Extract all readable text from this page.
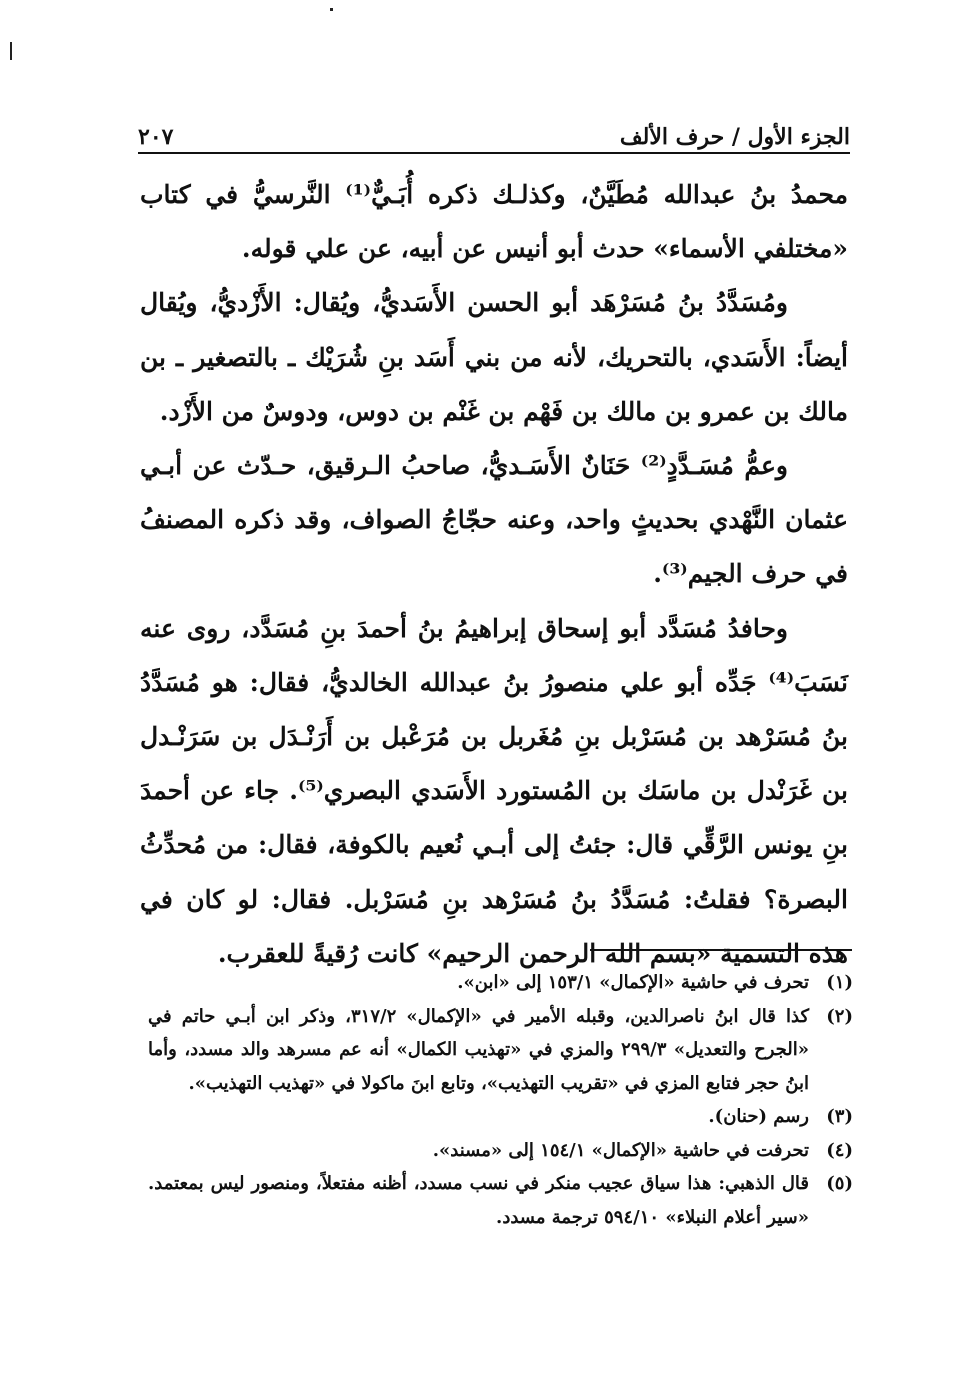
الجزء الأول / حرف الألف
٢٠٧

محمدُ بنُ عبدالله مُطَيَّنٌ، وكذلـك ذكره أُبَـيٌّ⁽¹⁾ النَّرسيُّ في كتاب «مختلفي الأسماء» حدث أبو أنيس عن أبيه، عن علي قوله.

ومُسَدَّدُ بنُ مُسَرْهَد أبو الحسن الأَسَديُّ، ويُقال: الأَزْديُّ، ويُقال أيضاً: الأَسَدي، بالتحريك، لأنه من بني أَسَد بنِ شُرَيْك ـ بالتصغير ـ بن مالك بن عمرو بن مالك بن فَهْم بن غَنْم بن دوس، ودوسٌ من الأَزْد.

وعمُّ مُسَـدَّدٍ⁽²⁾ حَنَانٌ الأَسَـديُّ، صاحبُ الـرقيق، حـدّث عن أبـي عثمان النَّهْدي بحديثٍ واحد، وعنه حجّاجُ الصواف، وقد ذكره المصنفُ في حرف الجيم⁽³⁾.

وحافدُ مُسَدَّد أبو إسحاق إبراهيمُ بنُ أحمدَ بنِ مُسَدَّد، روى عنه نَسَبَ⁽⁴⁾ جَدِّه أبو علي منصورُ بنُ عبدالله الخالديُّ، فقال: هو مُسَدَّدُ بنُ مُسَرْهد بن مُسَرْبل بنِ مُغَربل بن مُرَعْبل بن أَرَنْـدَل بن سَرَنْـدل بن غَرَنْدل بن ماسَك بن المُستورد الأَسَدي البصري⁽⁵⁾. جاء عن أحمدَ بنِ يونس الرَّقِّي قال: جئتُ إلى أبـي نُعيم بالكوفة، فقال: من مُحدِّثُ البصرة؟ فقلتُ: مُسَدَّدُ بنُ مُسَرْهد بنِ مُسَرْبل. فقال: لو كان في هذه التسمية «بسم الله الرحمن الرحيم» كانت رُقيةً للعقرب.

(١)
تحرف في حاشية «الإكمال» ١٥٣/١ إلى «ابن».
(٢)
كذا قال ابنُ ناصرالدين، وقبله الأمير في «الإكمال» ٣١٧/٢، وذكر ابن أبـي حاتم في «الجرح والتعديل» ٢٩٩/٣ والمزي في «تهذيب الكمال» أنه عم مسرهد والد مسدد، وأما ابنُ حجر فتابع المزي في «تقريب التهذيب»، وتابع ابنَ ماكولا في «تهذيب التهذيب».
(٣)
رسم (حنان).
(٤)
تحرفت في حاشية «الإكمال» ١٥٤/١ إلى «مسند».
(٥)
قال الذهبي: هذا سياق عجيب منكر في نسب مسدد، أظنه مفتعلاً، ومنصور ليس بمعتمد. «سير أعلام النبلاء» ٥٩٤/١٠ ترجمة مسدد.
